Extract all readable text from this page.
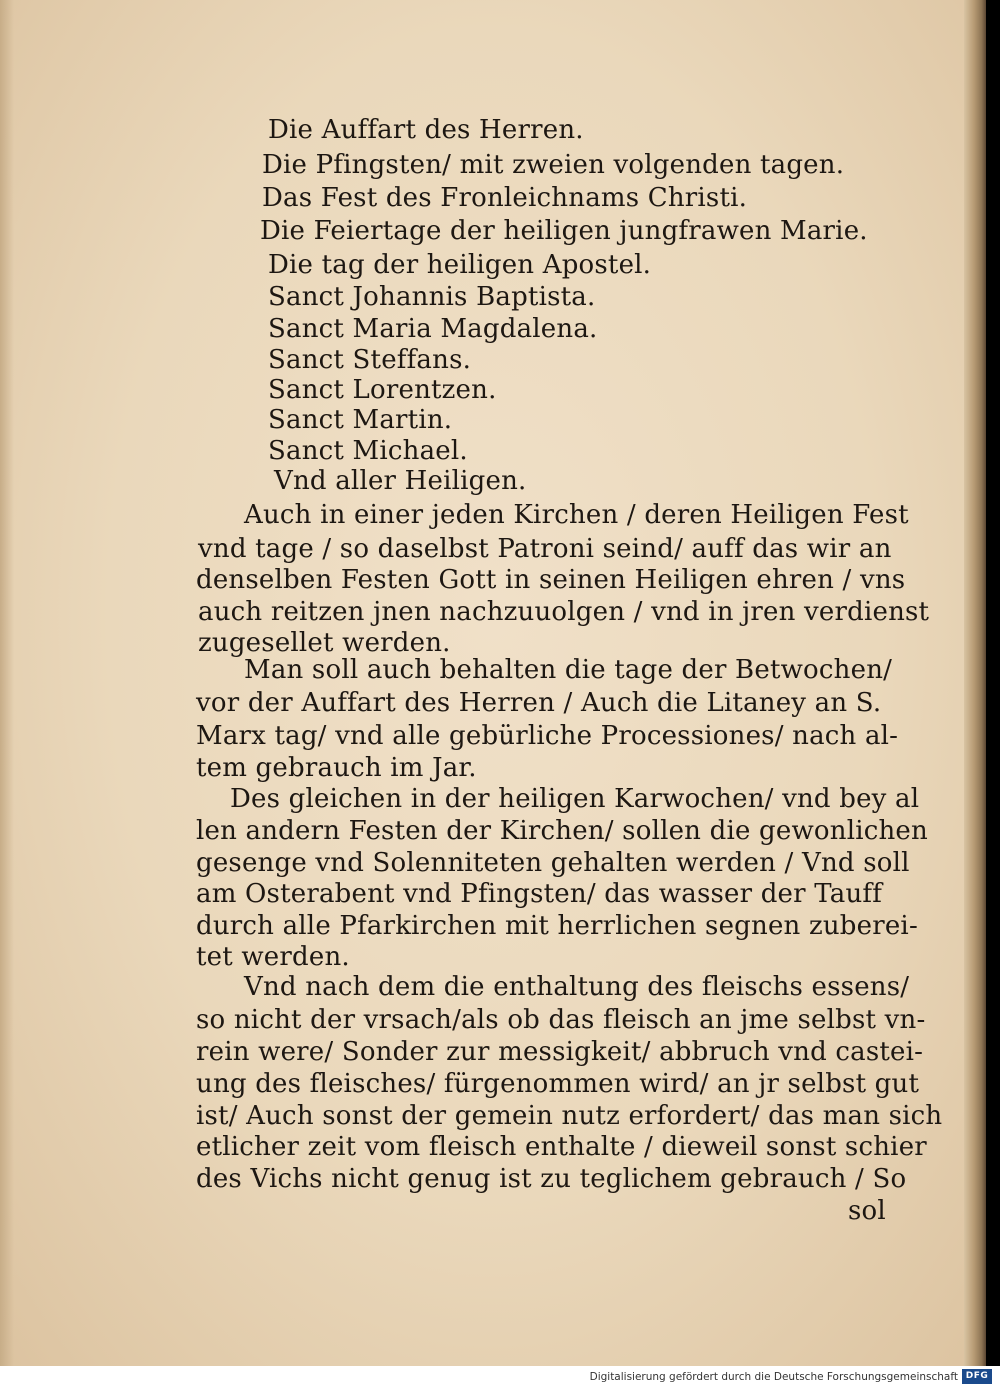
Die Auffart des Herren.
Die Pfingsten/ mit zweien volgenden tagen.
Das Fest des Fronleichnams Christi.
Die Feiertage der heiligen jungfrawen Marie.
Die tag der heiligen Apostel.
Sanct Johannis Baptista.
Sanct Maria Magdalena.
Sanct Steffans.
Sanct Lorentzen.
Sanct Martin.
Sanct Michael.
Vnd aller Heiligen.
Auch in einer jeden Kirchen / deren Heiligen Fest
vnd tage / so daselbst Patroni seind/ auff das wir an
denselben Festen Gott in seinen Heiligen ehren / vns
auch reitzen jnen nachzuuolgen / vnd in jren verdienst
zugesellet werden.
Man soll auch behalten die tage der Betwochen/
vor der Auffart des Herren / Auch die Litaney an S.
Marx tag/ vnd alle gebürliche Processiones/ nach al-
tem gebrauch im Jar.
Des gleichen in der heiligen Karwochen/ vnd bey al
len andern Festen der Kirchen/ sollen die gewonlichen
gesenge vnd Solenniteten gehalten werden / Vnd soll
am Osterabent vnd Pfingsten/ das wasser der Tauff
durch alle Pfarkirchen mit herrlichen segnen zuberei-
tet werden.
Vnd nach dem die enthaltung des fleischs essens/
so nicht der vrsach/als ob das fleisch an jme selbst vn-
rein were/ Sonder zur messigkeit/ abbruch vnd castei-
ung des fleisches/ fürgenommen wird/ an jr selbst gut
ist/ Auch sonst der gemein nutz erfordert/ das man sich
etlicher zeit vom fleisch enthalte / dieweil sonst schier
des Vichs nicht genug ist zu teglichem gebrauch / So
sol
Digitalisierung gefördert durch die Deutsche Forschungsgemeinschaft DFG
